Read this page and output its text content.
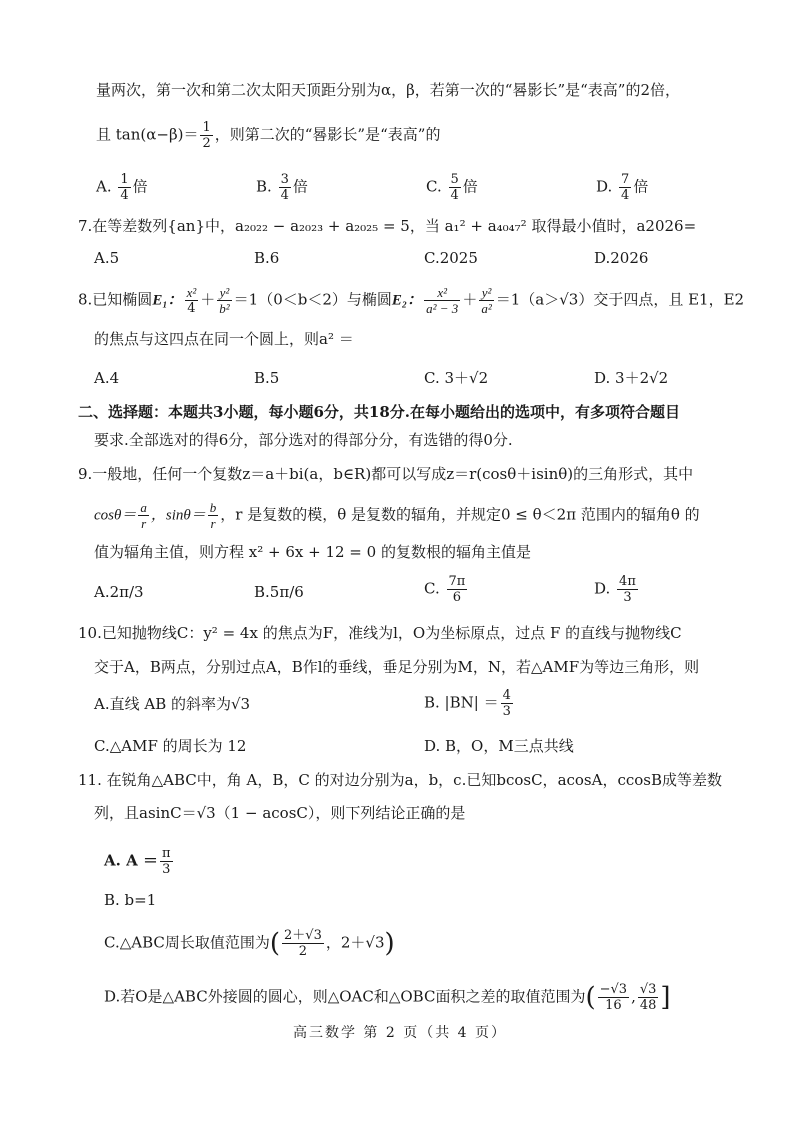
量两次，第一次和第二次太阳天顶距分别为α，β，若第一次的“晷影长”是“表高”的2倍，
且 $\tan(\alpha-\beta)= \frac{1}{2}$ ，则第二次的“晷影长”是“表高”的
A. $\frac{1}{4}$ 倍	B. $\frac{3}{4}$ 倍	C. $\frac{5}{4}$ 倍	D. $\frac{7}{4}$ 倍
7.在等差数列{an}中，a₂₀₂₂ − a₂₀₂₃ + a₂₀₂₅ = 5，当 a₁² + a₄₀₄₇² 取得最小值时，a2026=
A.5	B.6	C.2025	D.2026
8.已知椭圆E₁： $\frac{\text{x²}}{4} + \frac{\text{y²}}{\text{b²}} =1(0<b<2)$与椭圆E₂： $\frac{\text{x²}}{\text{a² − 3}} + \frac{\text{y²}}{\text{a²}} =1(a>√3)$交于四点，且 E1，E2
的焦点与这四点在同一个圆上，则a² ＝
A.4	B.5	C. 3＋√2	D. 3＋2√2
二、选择题：本题共3小题，每小题6分，共18分.在每小题给出的选项中，有多项符合题目
要求.全部选对的得6分，部分选对的得部分分，有选错的得0分.
9.一般地，任何一个复数z＝a＋bi(a，b∈R)都可以写成z＝r(cosθ＋isinθ)的三角形式，其中
$\cos\theta= \frac{a}{r}$ ，$\sin\theta= \frac{b}{r}$ ，r 是复数的模，θ 是复数的辐角，并规定0 ≤ θ＜2π 范围内的辐角θ 的
值为辐角主值，则方程 x² + 6x + 12 = 0 的复数根的辐角主值是
A.2π/3	B.5π/6	C. $\frac{7\pi}{6}$	D. $\frac{4\pi}{3}$
10.已知抛物线C：y² = 4x 的焦点为F，准线为l，O为坐标原点，过点 F 的直线与抛物线C
交于A，B两点，分别过点A，B作l的垂线，垂足分别为M，N，若△AMF为等边三角形，则
A.直线 AB 的斜率为√3	B. $|BN| = \frac{4}{3}$
C.△AMF 的周长为 12	D. B，O，M三点共线
11. 在锐角△ABC中，角 A，B，C 的对边分别为a，b，c.已知bcosC，acosA，ccosB成等差数
列，且asinC＝√3（1 − acosC），则下列结论正确的是
A. $A = \frac{\pi}{3}$
B. b=1
C.△ABC周长取值范围为( $\frac{2+√3}{2}$ ，2＋√3)
D.若O是△ABC外接圆的圆心，则△OAC和△OBC面积之差的取值范围为( $\frac{-√3}{16}$ , $\frac{√3}{48}$ ]
高三数学 第 2 页（共 4 页）
